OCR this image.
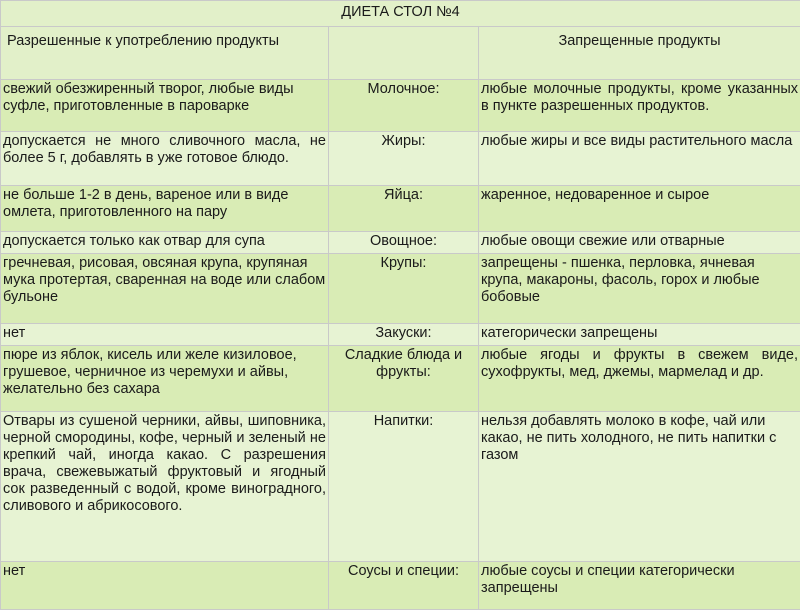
ДИЕТА СТОЛ №4		
Разрешенные к употреблению продукты		Запрещенные продукты
свежий обезжиренный творог, любые виды суфле, приготовленные в пароварке	Молочное:	любые молочные продукты, кроме указанных в пункте разрешенных продуктов.
допускается не много сливочного масла, не более 5 г, добавлять в уже готовое блюдо.	Жиры:	любые жиры и все виды растительного масла
не больше 1-2 в день, вареное или в виде омлета, приготовленного на пару	Яйца:	жаренное, недоваренное и сырое
допускается только как отвар для супа	Овощное:	любые овощи свежие или отварные
гречневая, рисовая, овсяная крупа, крупяная мука протертая, сваренная на воде или слабом бульоне	Крупы:	запрещены - пшенка, перловка, ячневая крупа, макароны, фасоль, горох и любые бобовые
нет	Закуски:	категорически запрещены
пюре из яблок, кисель или желе кизиловое, грушевое, черничное из черемухи и айвы, желательно без сахара	Сладкие блюда и фрукты:	любые ягоды и фрукты в свежем виде, сухофрукты, мед, джемы, мармелад и др.
Отвары из сушеной черники, айвы, шиповника, черной смородины, кофе, черный и зеленый не крепкий чай, иногда какао. С разрешения врача, свежевыжатый фруктовый и ягодный сок разведенный с водой, кроме виноградного, сливового и абрикосового.	Напитки:	нельзя добавлять молоко в кофе, чай или какао, не пить холодного, не пить напитки с газом
нет	Соусы и специи:	любые соусы и специи категорически запрещены
